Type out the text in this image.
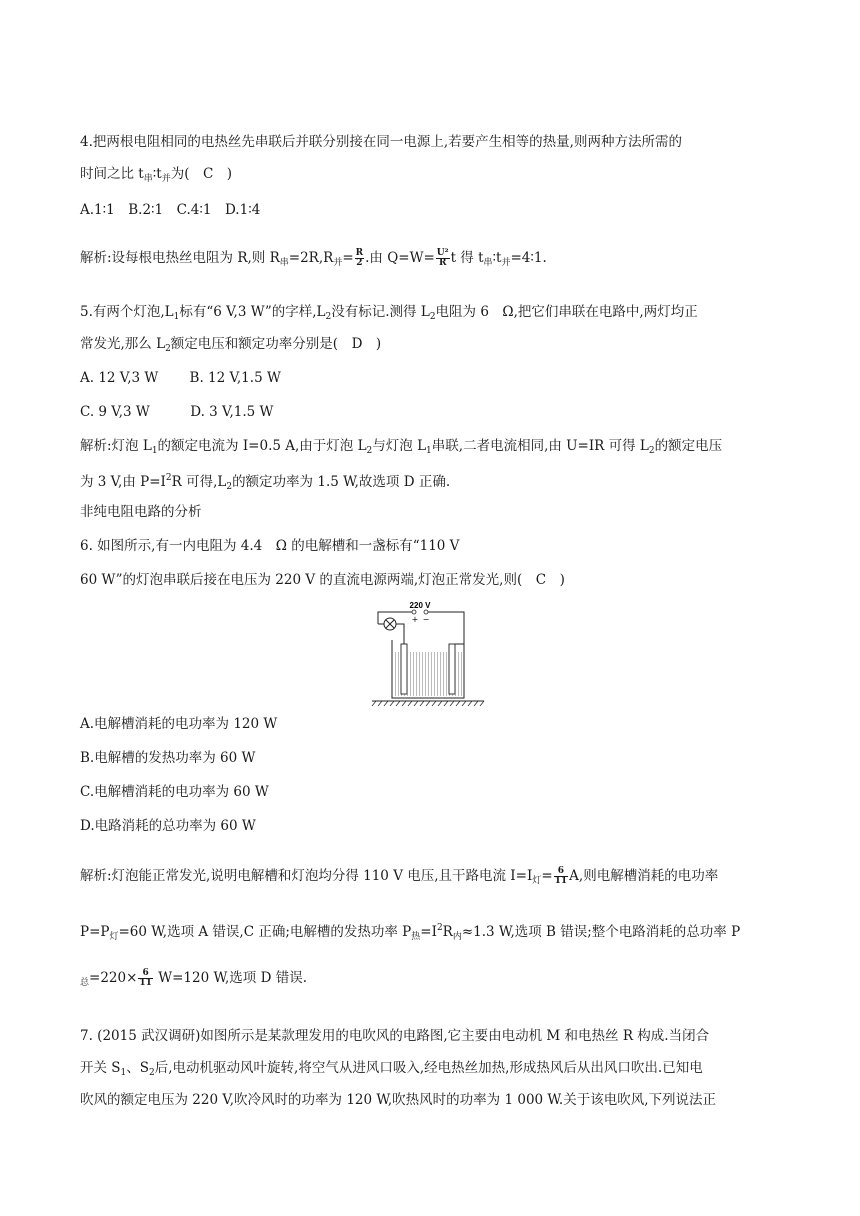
4.把两根电阻相同的电热丝先串联后并联分别接在同一电源上,若要产生相等的热量,则两种方法所需的
时间之比 $t_串∶t_并$为(　C　)
A.1∶1　B.2∶1　C.4∶1　D.1∶4
解析:设每根电热丝电阻为 R,则 $R_串=2R,R_并= \frac{R}{2}$ .由 $Q=W= \frac{\text{U²}}{R}$ t 得 $t_串∶t_并=4∶1$.
5.有两个灯泡$,L_1$标有“6 V,3 W”的字样$,L_2$没有标记.测得 $L_2$电阻为 6　Ω,把它们串联在电路中,两灯均正
常发光,那么 $L_2$额定电压和额定功率分别是(　D　)
A. 12 V,3 W　　 B. 12 V,1.5 W
C. 9 V,3 W　　　D. 3 V,1.5 W
解析:灯泡 $L_1$的额定电流为 I=0.5 A,由于灯泡 $L_2$与灯泡 $L_1$串联,二者电流相同,由 U=IR 可得 $L_2$的额定电压
为 3 V,由 $P=I^2R$ 可得$,L_2$的额定功率为 1.5 W,故选项 D 正确.
非纯电阻电路的分析
6. 如图所示,有一内电阻为 4.4　Ω 的电解槽和一盏标有“110 V
60 W”的灯泡串联后接在电压为 220 V 的直流电源两端,灯泡正常发光,则(　C　)
220 V
+ −
A.电解槽消耗的电功率为 120 W
B.电解槽的发热功率为 60 W
C.电解槽消耗的电功率为 60 W
D.电路消耗的总功率为 60 W
解析:灯泡能正常发光,说明电解槽和灯泡均分得 110 V 电压,且干路电流 $I=I_灯= \frac{6}{11} A$,则电解槽消耗的电功率
$P=P_灯=60$ W,选项 A 错误,C 正确;电解槽的发热功率 $P_热=I^2R_内\approx 1.3$ W,选项 B 错误;整个电路消耗的总功率 P
$_总=220\times \frac{6}{11} W=120$ W,选项 D 错误.
7. (2015 武汉调研)如图所示是某款理发用的电吹风的电路图,它主要由电动机 M 和电热丝 R 构成.当闭合
开关 $S_1$、$S_2$后,电动机驱动风叶旋转,将空气从进风口吸入,经电热丝加热,形成热风后从出风口吹出.已知电
吹风的额定电压为 220 V,吹冷风时的功率为 120 W,吹热风时的功率为 1 000 W.关于该电吹风,下列说法正
